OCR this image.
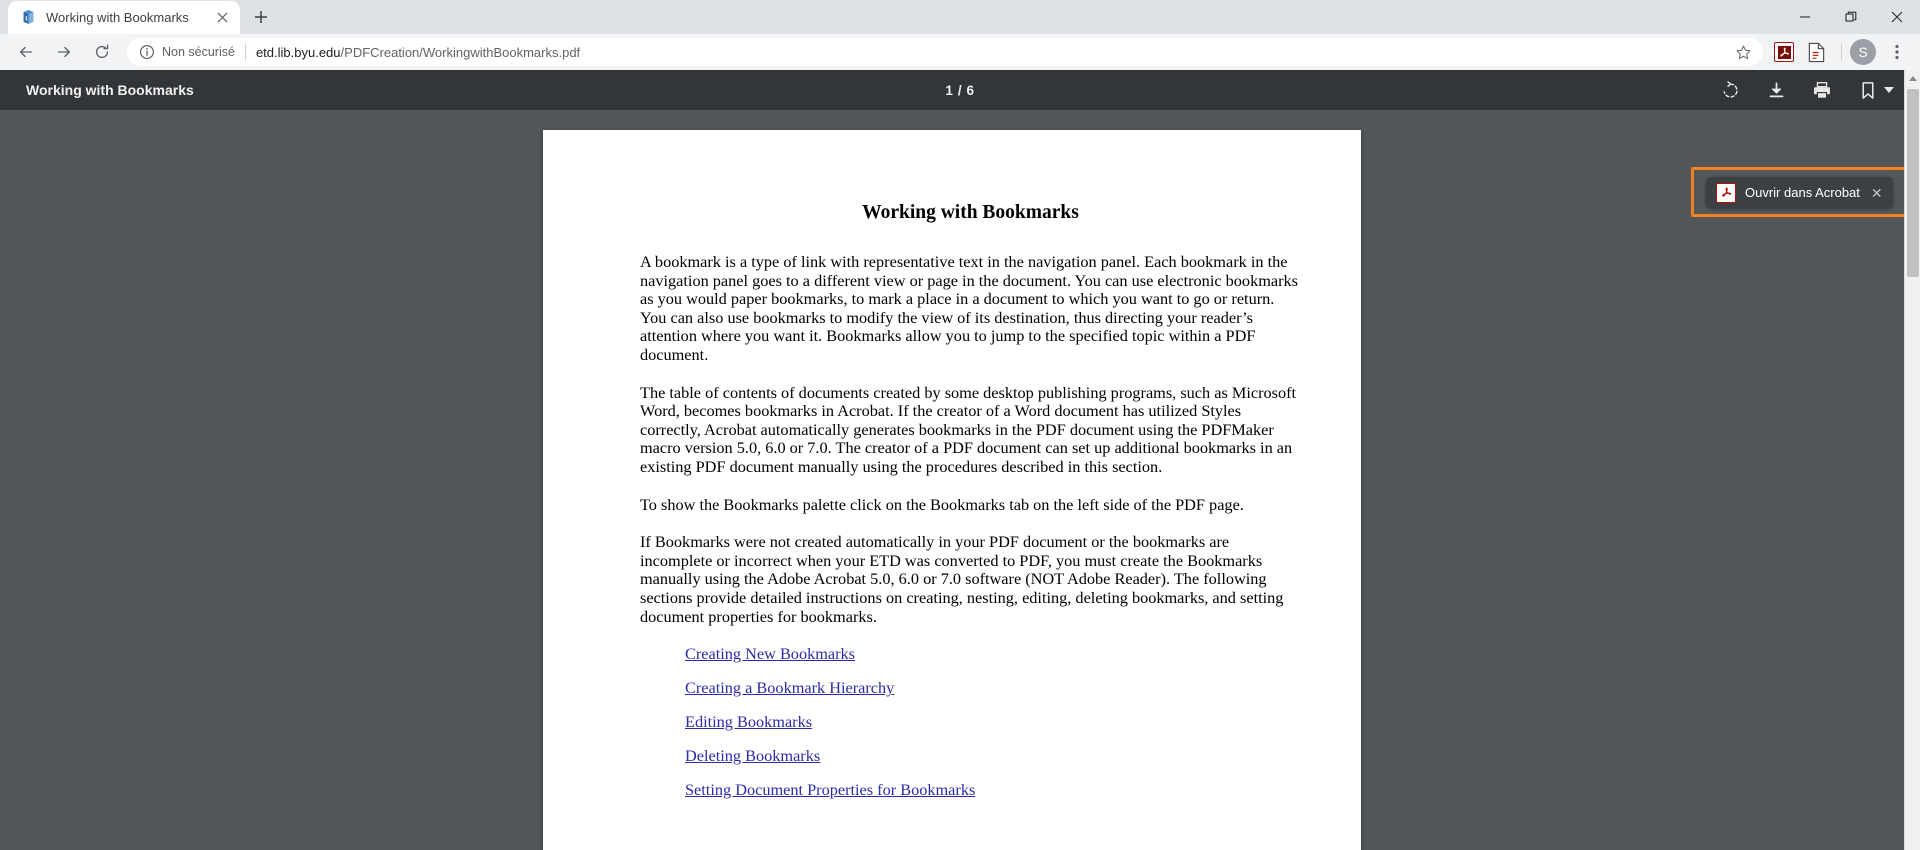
Working with Bookmarks
Non sécurisé etd.lib.byu.edu/PDFCreation/WorkingwithBookmarks.pdf	S
Working with Bookmarks	1 / 6
Working with Bookmarks

A bookmark is a type of link with representative text in the navigation panel. Each bookmark in the navigation panel goes to a different view or page in the document. You can use electronic bookmarks as you would paper bookmarks, to mark a place in a document to which you want to go or return. You can also use bookmarks to modify the view of its destination, thus directing your reader’s attention where you want it. Bookmarks allow you to jump to the specified topic within a PDF document.

The table of contents of documents created by some desktop publishing programs, such as Microsoft Word, becomes bookmarks in Acrobat. If the creator of a Word document has utilized Styles correctly, Acrobat automatically generates bookmarks in the PDF document using the PDFMaker macro version 5.0, 6.0 or 7.0. The creator of a PDF document can set up additional bookmarks in an existing PDF document manually using the procedures described in this section.

To show the Bookmarks palette click on the Bookmarks tab on the left side of the PDF page.

If Bookmarks were not created automatically in your PDF document or the bookmarks are incomplete or incorrect when your ETD was converted to PDF, you must create the Bookmarks manually using the Adobe Acrobat 5.0, 6.0 or 7.0 software (NOT Adobe Reader). The following sections provide detailed instructions on creating, nesting, editing, deleting bookmarks, and setting document properties for bookmarks.

Creating New Bookmarks
Creating a Bookmark Hierarchy
Editing Bookmarks
Deleting Bookmarks
Setting Document Properties for Bookmarks
Ouvrir dans Acrobat ✕
